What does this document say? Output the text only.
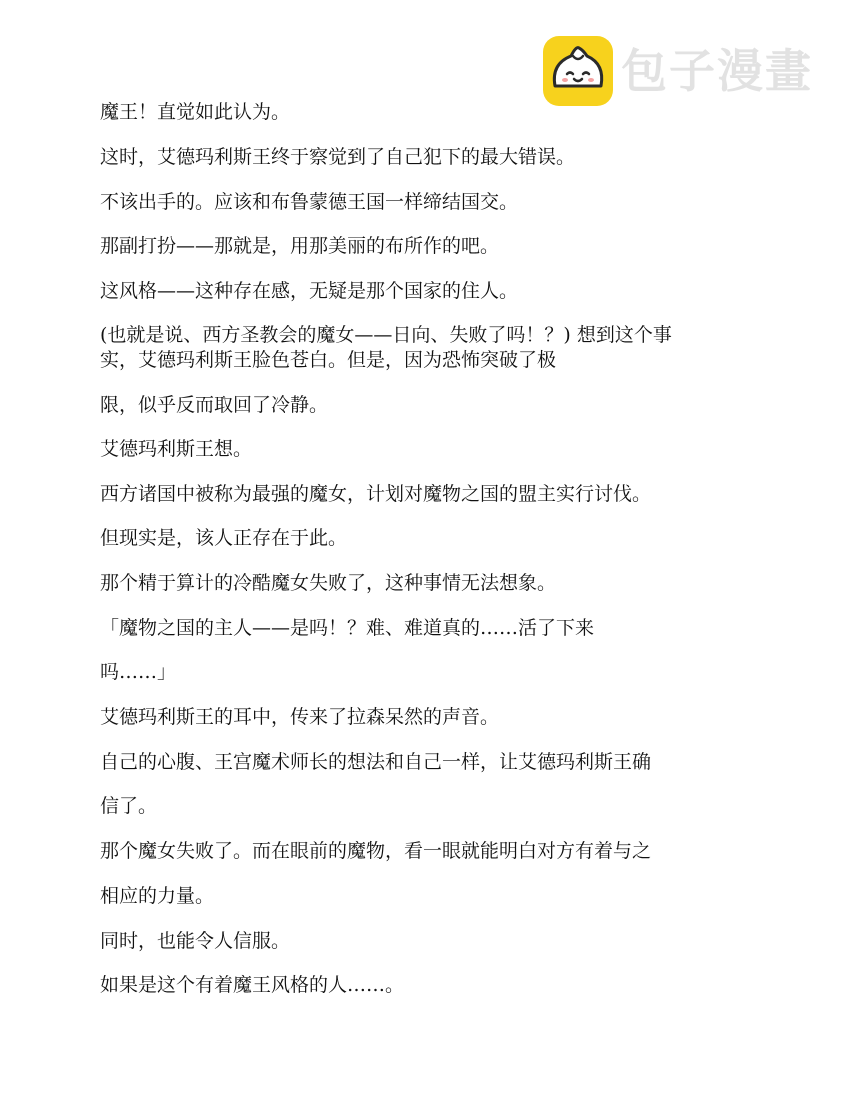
包子漫畫

魔王！直觉如此认为。

这时，艾德玛利斯王终于察觉到了自己犯下的最大错误。

不该出手的。应该和布鲁蒙德王国一样缔结国交。

那副打扮——那就是，用那美丽的布所作的吧。

这风格——这种存在感，无疑是那个国家的住人。

(也就是说、西方圣教会的魔女——日向、失败了吗！？) 想到这个事

实，艾德玛利斯王脸色苍白。但是，因为恐怖突破了极

限，似乎反而取回了冷静。

艾德玛利斯王想。

西方诸国中被称为最强的魔女，计划对魔物之国的盟主实行讨伐。

但现实是，该人正存在于此。

那个精于算计的冷酷魔女失败了，这种事情无法想象。

「魔物之国的主人——是吗！？难、难道真的……活了下来

吗……」

艾德玛利斯王的耳中，传来了拉森呆然的声音。

自己的心腹、王宫魔术师长的想法和自己一样，让艾德玛利斯王确

信了。

那个魔女失败了。而在眼前的魔物，看一眼就能明白对方有着与之

相应的力量。

同时，也能令人信服。

如果是这个有着魔王风格的人……。
